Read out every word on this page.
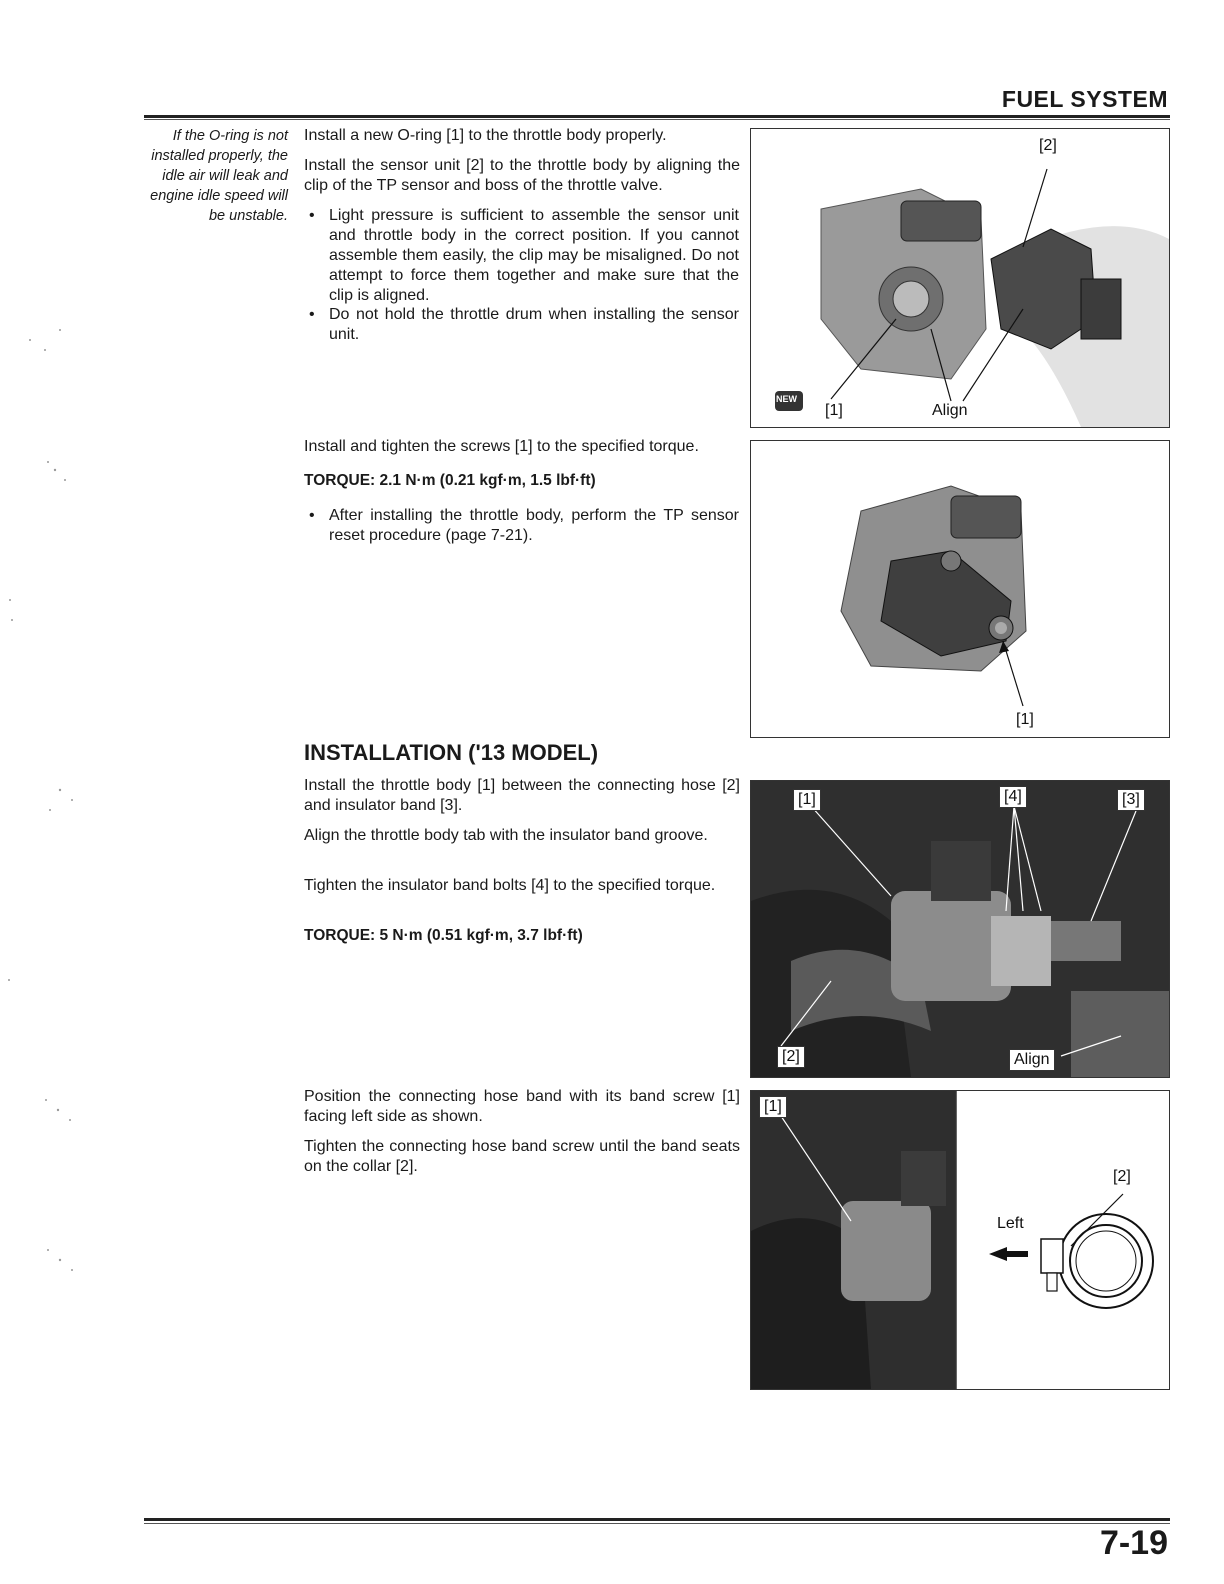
FUEL SYSTEM
If the O-ring is not installed properly, the idle air will leak and engine idle speed will be unstable.
Install a new O-ring [1] to the throttle body properly.
Install the sensor unit [2] to the throttle body by aligning the clip of the TP sensor and boss of the throttle valve.
• Light pressure is sufficient to assemble the sensor unit and throttle body in the correct position. If you cannot assemble them easily, the clip may be misaligned. Do not attempt to force them together and make sure that the clip is aligned.
• Do not hold the throttle drum when installing the sensor unit.
[2]
[1]	Align
NEW
Install and tighten the screws [1] to the specified torque.
TORQUE: 2.1 N·m (0.21 kgf·m, 1.5 lbf·ft)
• After installing the throttle body, perform the TP sensor reset procedure (page 7-21).
[1]
INSTALLATION ('13 MODEL)
Install the throttle body [1] between the connecting hose [2] and insulator band [3].
Align the throttle body tab with the insulator band groove.
Tighten the insulator band bolts [4] to the specified torque.
TORQUE: 5 N·m (0.51 kgf·m, 3.7 lbf·ft)
[1]	[4]	[3]
[2]	Align
Position the connecting hose band with its band screw [1] facing left side as shown.
Tighten the connecting hose band screw until the band seats on the collar [2].
[1]
[2]
Left
7-19
